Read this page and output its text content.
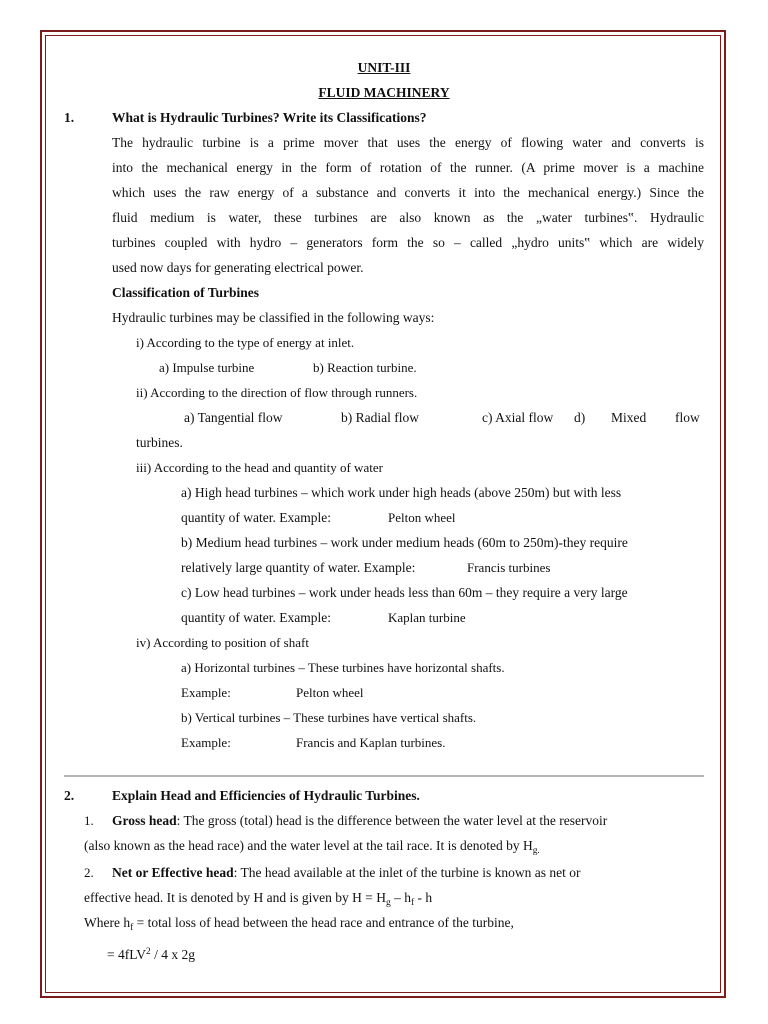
UNIT-III
FLUID MACHINERY
1.	What is Hydraulic Turbines? Write its Classifications?
The hydraulic turbine is a prime mover that uses the energy of flowing water and converts is
into the mechanical energy in the form of rotation of the runner. (A prime mover is a machine
which uses the raw energy of a substance and converts it into the mechanical energy.) Since the
fluid medium is water, these turbines are also known as the „water turbines‟. Hydraulic
turbines coupled with hydro – generators form the so – called „hydro units‟ which are widely
used now days for generating electrical power.
Classification of Turbines
Hydraulic turbines may be classified in the following ways:
i) According to the type of energy at inlet.
a) Impulse turbine	b) Reaction turbine.
ii) According to the direction of flow through runners.
a) Tangential flow	b) Radial flow	c) Axial flow d) Mixed flow
turbines.
iii) According to the head and quantity of water
a) High head turbines – which work under high heads (above 250m) but with less
quantity of water. Example:	Pelton wheel
b) Medium head turbines – work under medium heads (60m to 250m)-they require
relatively large quantity of water. Example:	Francis turbines
c) Low head turbines – work under heads less than 60m – they require a very large
quantity of water. Example:	Kaplan turbine
iv) According to position of shaft
a) Horizontal turbines – These turbines have horizontal shafts.
Example:	Pelton wheel
b) Vertical turbines – These turbines have vertical shafts.
Example:	Francis and Kaplan turbines.
2.	Explain Head and Efficiencies of Hydraulic Turbines.
1. Gross head: The gross (total) head is the difference between the water level at the reservoir
(also known as the head race) and the water level at the tail race. It is denoted by $H_{g.}$
2. Net or Effective head: The head available at the inlet of the turbine is known as net or
effective head. It is denoted by H and is given by $H = H_g - h_f - h$
Where $h_f$ = total loss of head between the head race and entrance of the turbine,
= 4fLV$^2$ / 4 x 2g
